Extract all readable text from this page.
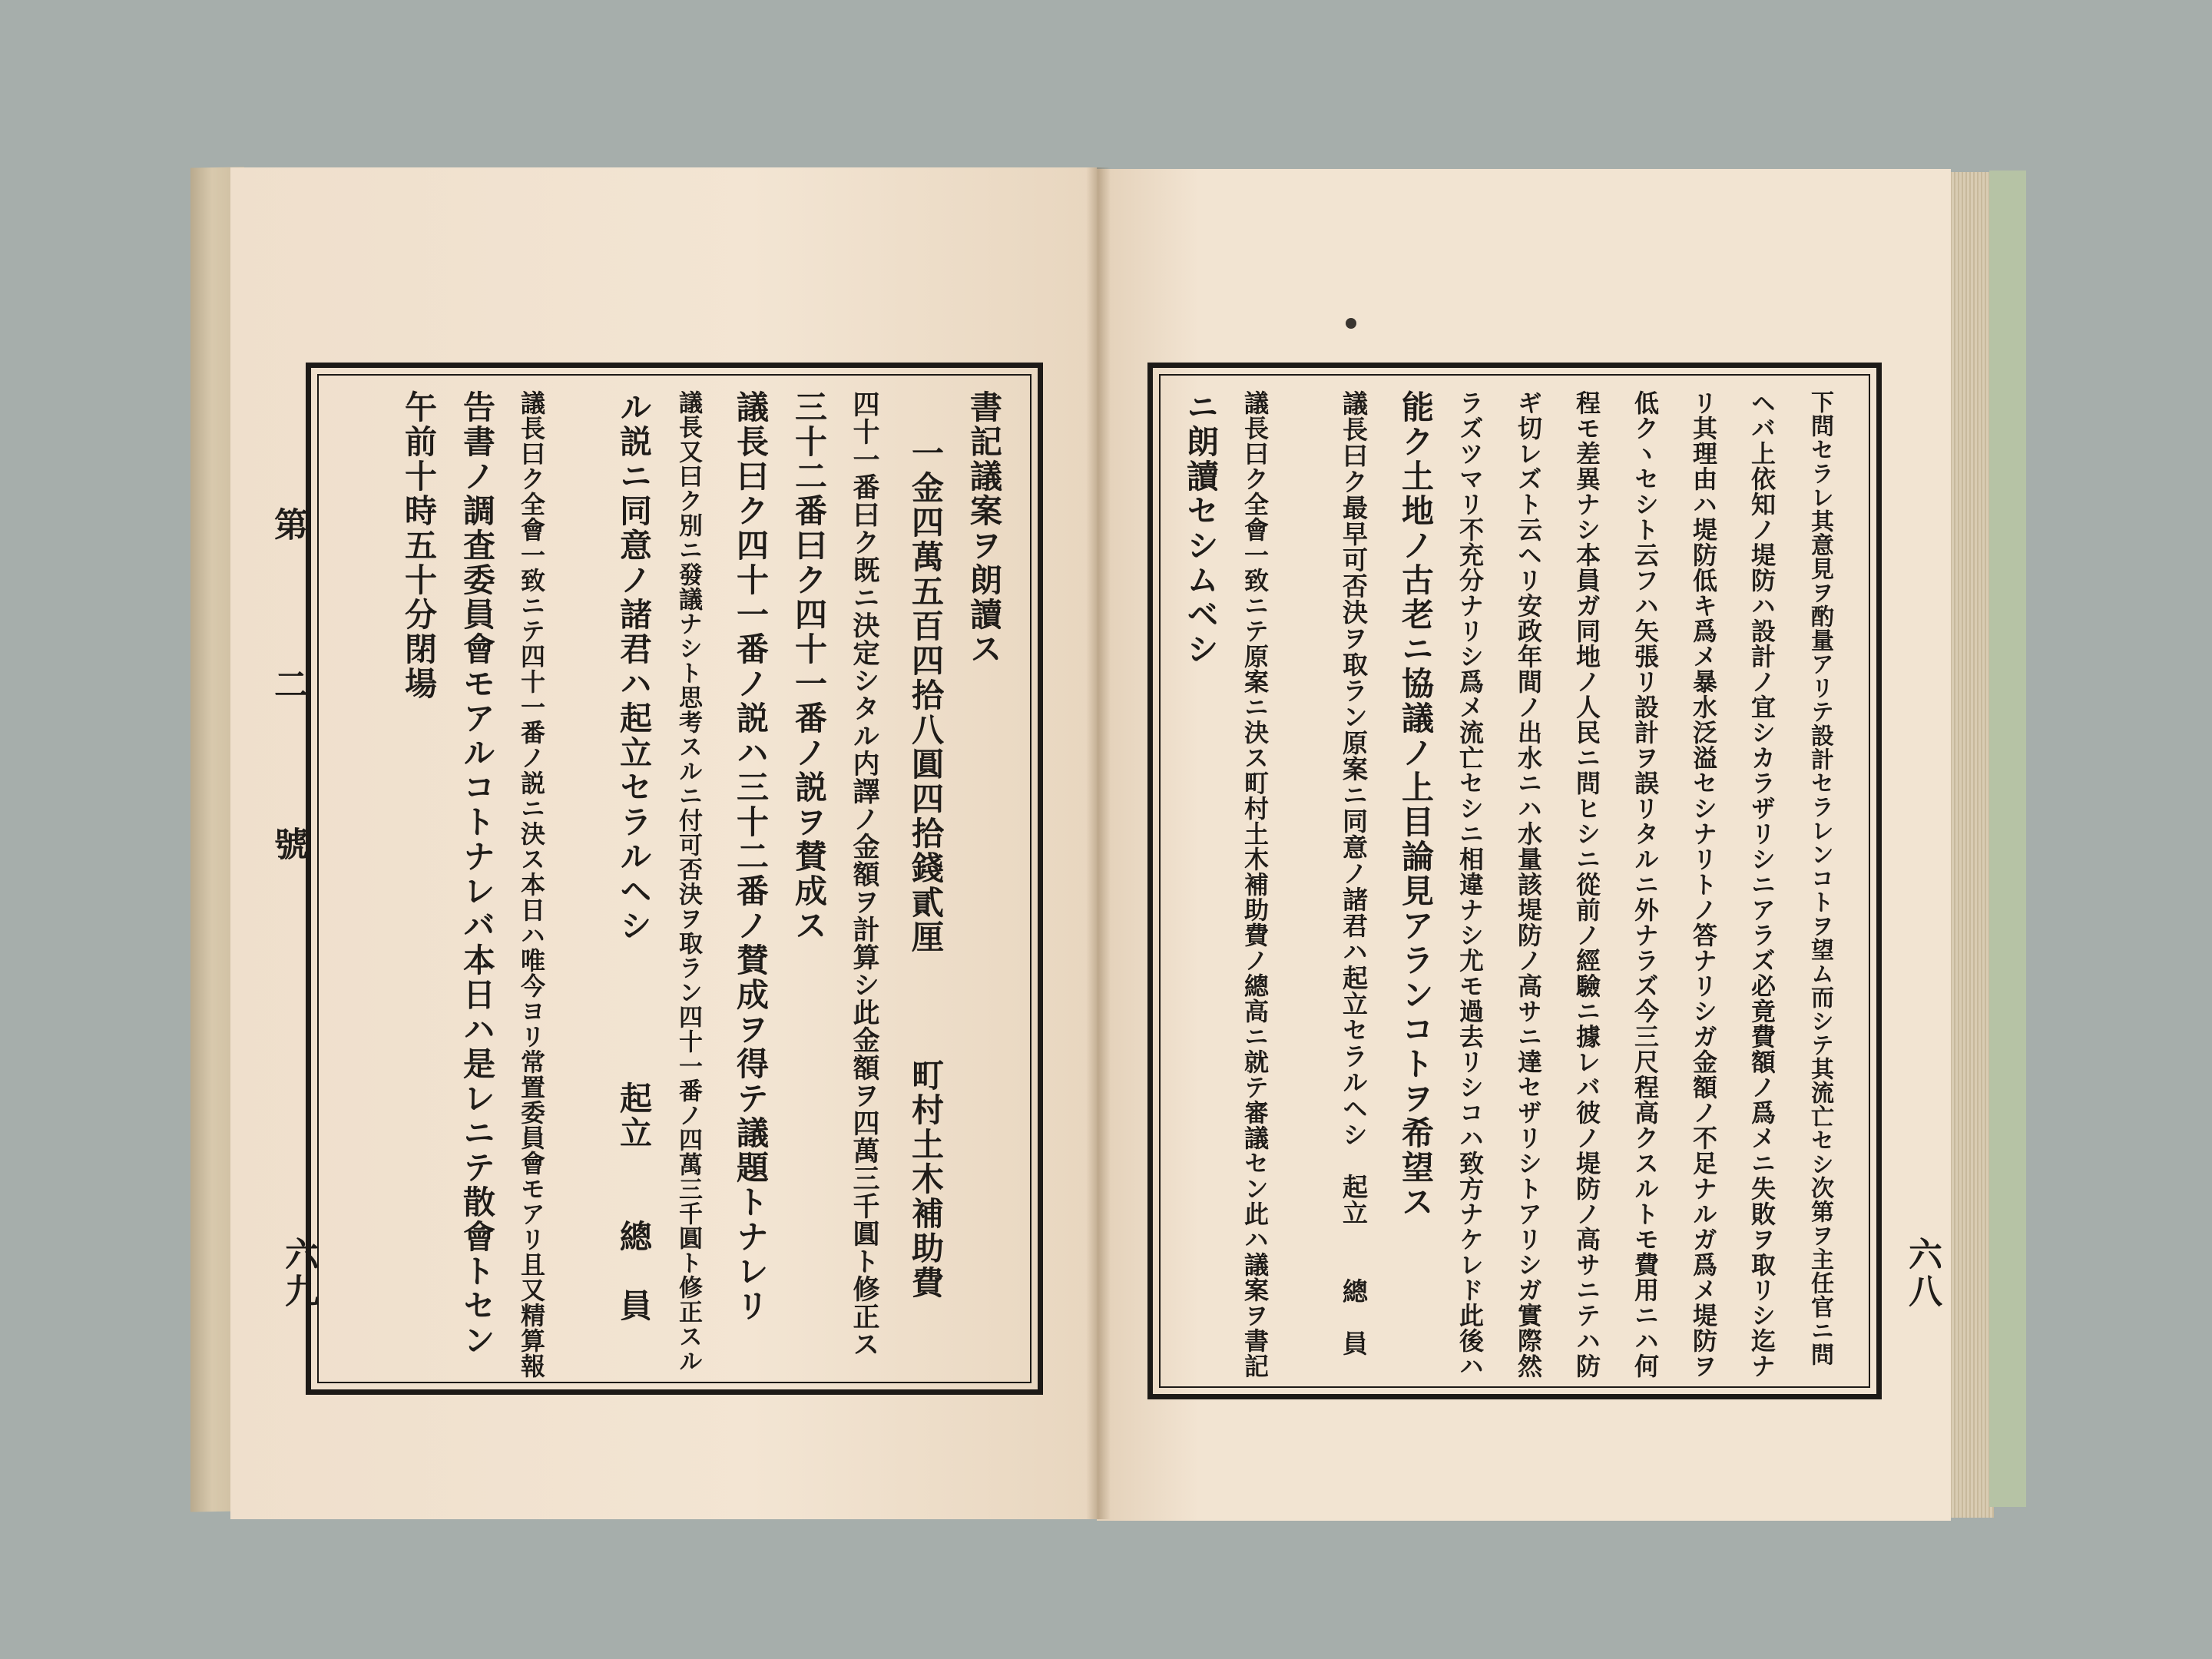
第　二　號
六九
書記議案ヲ朗讀ス
一金四萬五百四拾八圓四拾錢貳厘　　　町村土木補助費
四十一番曰ク既ニ決定シタル内譯ノ金額ヲ計算シ此金額ヲ四萬三千圓ト修正ス
三十二番曰ク四十一番ノ説ヲ賛成ス
議長曰ク四十一番ノ説ハ三十二番ノ賛成ヲ得テ議題トナレリ
議長又曰ク別ニ發議ナシト思考スルニ付可否決ヲ取ラン四十一番ノ四萬三千圓ト修正スル
ル説ニ同意ノ諸君ハ起立セラルヘシ　　　　起立　　總　員
議長曰ク全會一致ニテ四十一番ノ説ニ決ス本日ハ唯今ヨリ常置委員會モアリ且又精算報
告書ノ調査委員會モアルコトナレバ本日ハ是レニテ散會トセン
午前十時五十分閉場
六八
下問セラレ其意見ヲ酌量アリテ設計セラレンコトヲ望ム而シテ其流亡セシ次第ヲ主任官ニ問
ヘバ上依知ノ堤防ハ設計ノ宜シカラザリシニアラズ必竟費額ノ爲メニ失敗ヲ取リシ迄ナ
リ其理由ハ堤防低キ爲メ暴水泛溢セシナリトノ答ナリシガ金額ノ不足ナルガ爲メ堤防ヲ
低クヽセシト云フハ矢張リ設計ヲ誤リタルニ外ナラズ今三尺程高クスルトモ費用ニハ何
程モ差異ナシ本員ガ同地ノ人民ニ問ヒシニ從前ノ經驗ニ據レバ彼ノ堤防ノ高サニテハ防
ギ切レズト云ヘリ安政年間ノ出水ニハ水量該堤防ノ高サニ達セザリシトアリシガ實際然
ラズツマリ不充分ナリシ爲メ流亡セシニ相違ナシ尤モ過去リシコハ致方ナケレド此後ハ
能ク土地ノ古老ニ協議ノ上目論見アランコトヲ希望ス
議長曰ク最早可否決ヲ取ラン原案ニ同意ノ諸君ハ起立セラルヘシ　起立　　總　員
議長曰ク全會一致ニテ原案ニ決ス町村土木補助費ノ總高ニ就テ審議セン此ハ議案ヲ書記
ニ朗讀セシムベシ
